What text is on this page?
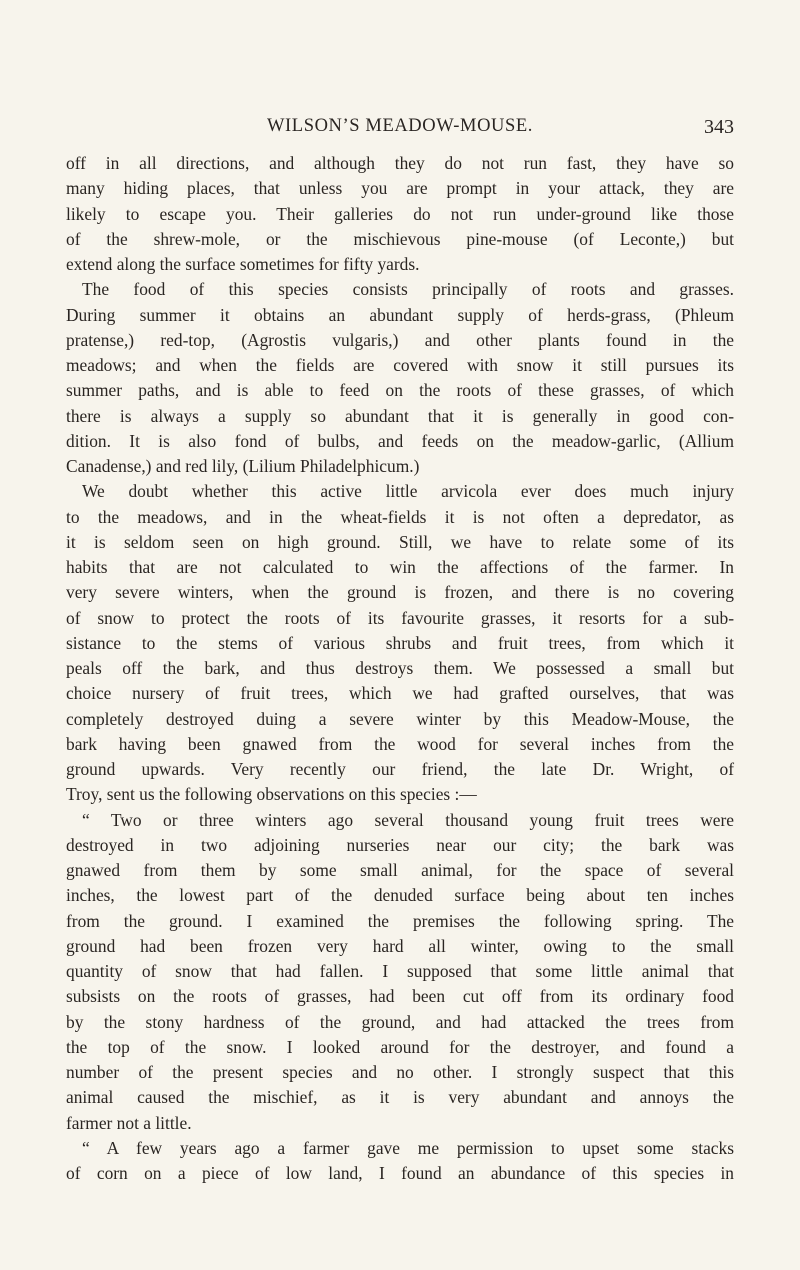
WILSON’S MEADOW-MOUSE.	343
off in all directions, and although they do not run fast, they have so
many hiding places, that unless you are prompt in your attack, they are
likely to escape you. Their galleries do not run under-ground like those
of the shrew-mole, or the mischievous pine-mouse (of Leconte,) but
extend along the surface sometimes for fifty yards.
The food of this species consists principally of roots and grasses.
During summer it obtains an abundant supply of herds-grass, (Phleum
pratense,) red-top, (Agrostis vulgaris,) and other plants found in the
meadows; and when the fields are covered with snow it still pursues its
summer paths, and is able to feed on the roots of these grasses, of which
there is always a supply so abundant that it is generally in good con-
dition. It is also fond of bulbs, and feeds on the meadow-garlic, (Allium
Canadense,) and red lily, (Lilium Philadelphicum.)
We doubt whether this active little arvicola ever does much injury
to the meadows, and in the wheat-fields it is not often a depredator, as
it is seldom seen on high ground. Still, we have to relate some of its
habits that are not calculated to win the affections of the farmer. In
very severe winters, when the ground is frozen, and there is no covering
of snow to protect the roots of its favourite grasses, it resorts for a sub-
sistance to the stems of various shrubs and fruit trees, from which it
peals off the bark, and thus destroys them. We possessed a small but
choice nursery of fruit trees, which we had grafted ourselves, that was
completely destroyed duing a severe winter by this Meadow-Mouse, the
bark having been gnawed from the wood for several inches from the
ground upwards. Very recently our friend, the late Dr. Wright, of
Troy, sent us the following observations on this species :—
“ Two or three winters ago several thousand young fruit trees were
destroyed in two adjoining nurseries near our city; the bark was
gnawed from them by some small animal, for the space of several
inches, the lowest part of the denuded surface being about ten inches
from the ground. I examined the premises the following spring. The
ground had been frozen very hard all winter, owing to the small
quantity of snow that had fallen. I supposed that some little animal that
subsists on the roots of grasses, had been cut off from its ordinary food
by the stony hardness of the ground, and had attacked the trees from
the top of the snow. I looked around for the destroyer, and found a
number of the present species and no other. I strongly suspect that this
animal caused the mischief, as it is very abundant and annoys the
farmer not a little.
“ A few years ago a farmer gave me permission to upset some stacks
of corn on a piece of low land, I found an abundance of this species in
